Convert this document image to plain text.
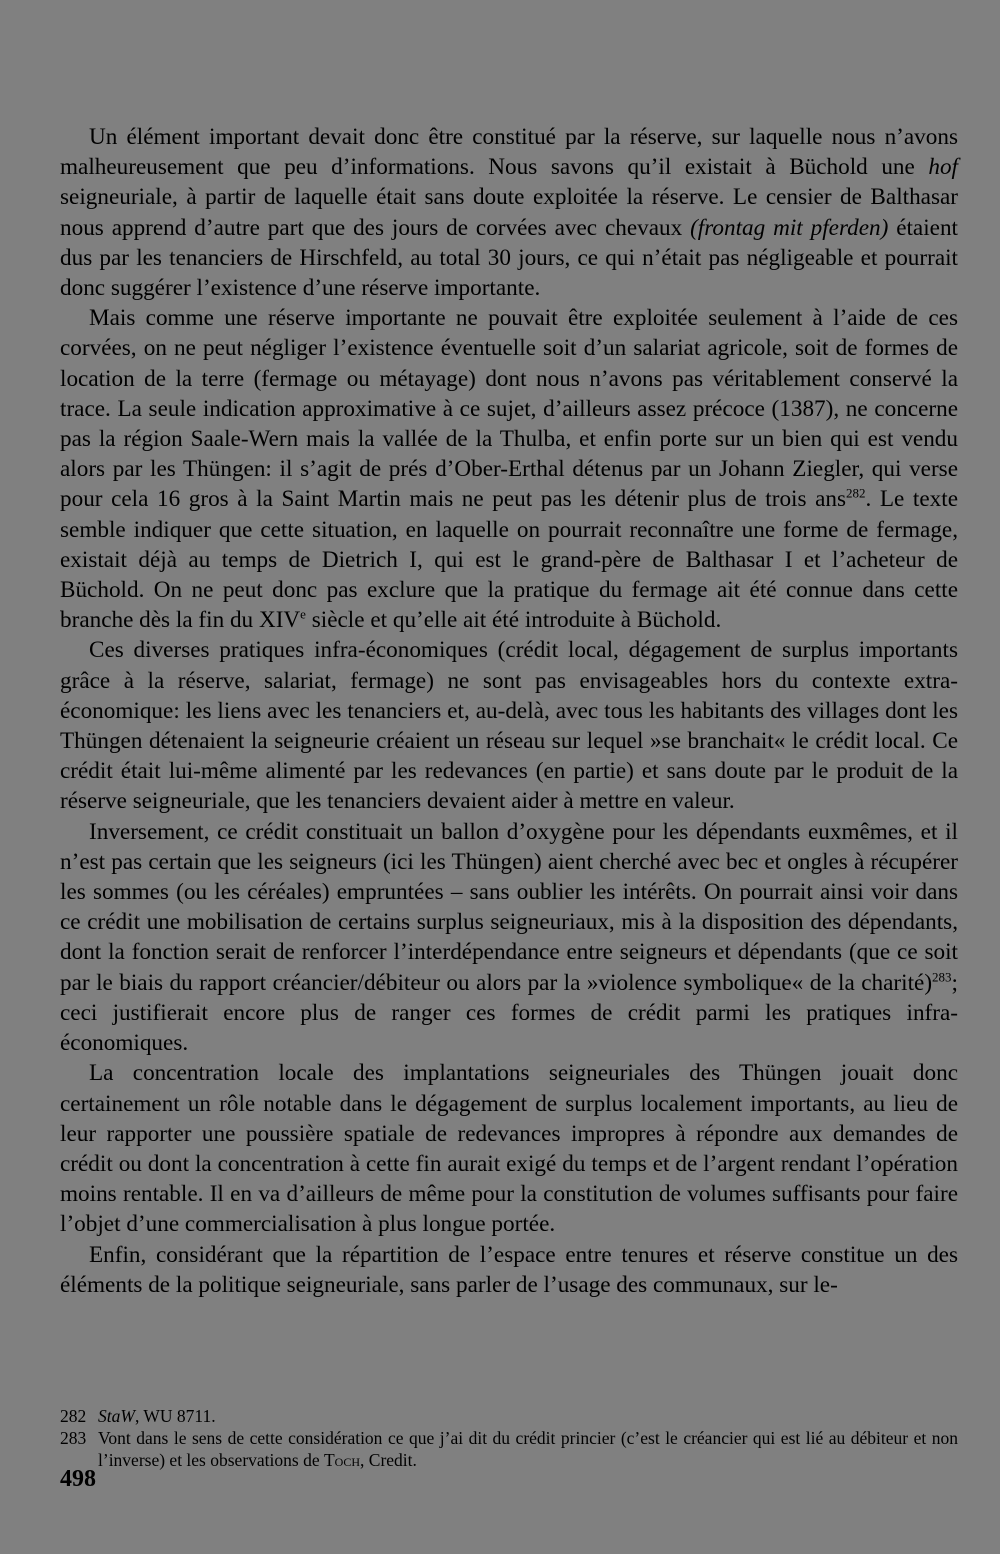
Un élément important devait donc être constitué par la réserve, sur laquelle nous n’avons malheureusement que peu d’informations. Nous savons qu’il existait à Büchold une hof seigneuriale, à partir de laquelle était sans doute exploitée la réserve. Le censier de Balthasar nous apprend d’autre part que des jours de corvées avec chevaux (frontag mit pferden) étaient dus par les tenanciers de Hirschfeld, au total 30 jours, ce qui n’était pas négligeable et pourrait donc suggérer l’existence d’une réserve importante.

Mais comme une réserve importante ne pouvait être exploitée seulement à l’aide de ces corvées, on ne peut négliger l’existence éventuelle soit d’un salariat agricole, soit de formes de location de la terre (fermage ou métayage) dont nous n’avons pas véritablement conservé la trace. La seule indication approximative à ce sujet, d’ailleurs assez précoce (1387), ne concerne pas la région Saale-Wern mais la vallée de la Thulba, et enfin porte sur un bien qui est vendu alors par les Thüngen: il s’agit de prés d’Ober-Erthal détenus par un Johann Ziegler, qui verse pour cela 16 gros à la Saint Martin mais ne peut pas les détenir plus de trois ans$^{282}$. Le texte semble indiquer que cette situation, en laquelle on pourrait reconnaître une forme de fermage, existait déjà au temps de Dietrich I, qui est le grand-père de Balthasar I et l’acheteur de Büchold. On ne peut donc pas exclure que la pratique du fermage ait été connue dans cette branche dès la fin du XIVe siècle et qu’elle ait été introduite à Büchold.

Ces diverses pratiques infra-économiques (crédit local, dégagement de surplus importants grâce à la réserve, salariat, fermage) ne sont pas envisageables hors du contexte extra-économique: les liens avec les tenanciers et, au-delà, avec tous les habitants des villages dont les Thüngen détenaient la seigneurie créaient un réseau sur lequel »se branchait« le crédit local. Ce crédit était lui-même alimenté par les redevances (en partie) et sans doute par le produit de la réserve seigneuriale, que les tenanciers devaient aider à mettre en valeur.

Inversement, ce crédit constituait un ballon d’oxygène pour les dépendants euxmêmes, et il n’est pas certain que les seigneurs (ici les Thüngen) aient cherché avec bec et ongles à récupérer les sommes (ou les céréales) empruntées – sans oublier les intérêts. On pourrait ainsi voir dans ce crédit une mobilisation de certains surplus seigneuriaux, mis à la disposition des dépendants, dont la fonction serait de renforcer l’interdépendance entre seigneurs et dépendants (que ce soit par le biais du rapport créancier/débiteur ou alors par la »violence symbolique« de la charité)$^{283}$; ceci justifierait encore plus de ranger ces formes de crédit parmi les pratiques infra-économiques.

La concentration locale des implantations seigneuriales des Thüngen jouait donc certainement un rôle notable dans le dégagement de surplus localement importants, au lieu de leur rapporter une poussière spatiale de redevances impropres à répondre aux demandes de crédit ou dont la concentration à cette fin aurait exigé du temps et de l’argent rendant l’opération moins rentable. Il en va d’ailleurs de même pour la constitution de volumes suffisants pour faire l’objet d’une commercialisation à plus longue portée.

Enfin, considérant que la répartition de l’espace entre tenures et réserve constitue un des éléments de la politique seigneuriale, sans parler de l’usage des communaux, sur le-

282 StaW, WU 8711.

283 Vont dans le sens de cette considération ce que j’ai dit du crédit princier (c’est le créancier qui est lié au débiteur et non l’inverse) et les observations de Toch, Credit.

498
